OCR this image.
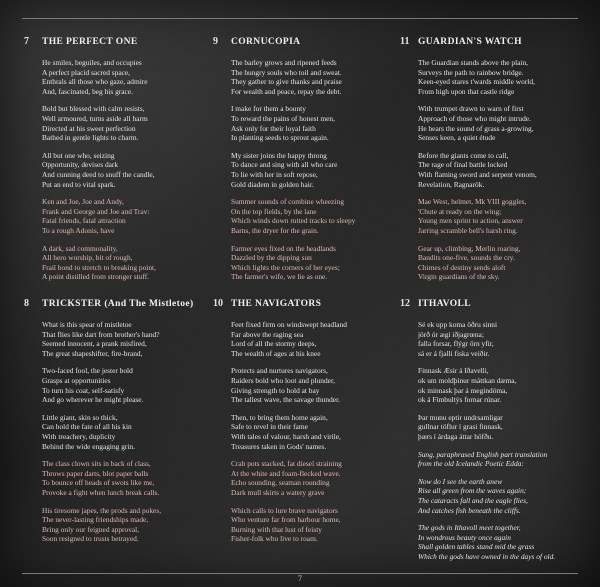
7	THE PERFECT ONE
He smiles, beguiles, and occupies
A perfect placid sacred space,
Enthrals all those who gaze, admire
And, fascinated, beg his grace.
Bold but blessed with calm resists,
Well armoured, turns aside all harm
Directed at his sweet perfection
Bathed in gentle lights to charm.
All but one who, seizing
Opportunity, devises dark
And cunning deed to snuff the candle,
Put an end to vital spark.
Ken and Joe, Joe and Andy,
Frank and George and Joe and Trav:
Fatal friends, fatal attraction
To a rough Adonis, have
A dark, sad commonality,
All hero worship, bit of rough,
Frail bond to stretch to breaking point,
A point distilled from stronger stuff.
9	CORNUCOPIA
The barley grows and ripened feeds
The hungry souls who toil and sweat.
They gather to give thanks and praise
For wealth and peace, repay the debt.
I make for them a bounty
To reward the pains of honest men,
Ask only for their loyal faith
In planting seeds to sprout again.
My sister joins the happy throng
To dance and sing with all who care
To lie with her in soft repose,
Gold diadem in golden hair.
Summer sounds of combine wheezing
On the top fields, by the lane
Which winds down rutted tracks to sleepy
Barns, the dryer for the grain.
Farmer eyes fixed on the headlands
Dazzled by the dipping sun
Which lights the corners of her eyes;
The farmer's wife, we lie as one.
11 GUARDIAN'S WATCH
The Guardian stands above the plain,
Surveys the path to rainbow bridge.
Keen-eyed stares t'wards middle world,
From high upon that castle ridge
With trumpet drawn to warn of first
Approach of those who might intrude.
He hears the sound of grass a-growing,
Senses keen, a quiet étude
Before the giants come to call,
The rage of final battle locked
With flaming sword and serpent venom,
Revelation, Ragnarök.
Mae West, helmet, Mk VIII goggles,
'Chute at ready on the wing;
Young men sprint to action, answer
Jarring scramble bell's harsh ring.
Gear up, climbing, Merlin roaring,
Bandits one-five, sounds the cry.
Chimes of destiny sends aloft
Virgin guardians of the sky.
8	TRICKSTER (And The Mistletoe)
What is this spear of mistletoe
That flies like dart from brother's hand?
Seemed innocent, a prank misfired,
The great shapeshifter, fire-brand,
Two-faced fool, the jester bold
Grasps at opportunities
To turn his coat, self-satisfy
And go wherever he might please.
Little giant, skin so thick,
Can hold the fate of all his kin
With treachery, duplicity
Behind the wide engaging grin.
The class clown sits in back of class,
Throws paper darts, blot paper balls
To bounce off heads of swots like me,
Provoke a fight when lunch break calls.
His tiresome japes, the prods and pokes,
The never-lasting friendships made,
Bring only our feigned approval,
Soon resigned to trusts betrayed.
10 THE NAVIGATORS
Feet fixed firm on windswept headland
Far above the raging sea
Lord of all the stormy deeps,
The wealth of ages at his knee
Protects and nurtures navigators,
Raiders bold who loot and plunder,
Giving strength to hold at bay
The tallest wave, the savage thunder.
Then, to bring them home again,
Safe to revel in their fame
With tales of valour, harsh and virile,
Treasures taken in Gods' names.
Crab pots stacked, fat diesel straining
At the white and foam-flecked wave.
Echo sounding, seaman rounding
Dark mull skirts a watery grave
Which calls to lure brave navigators
Who venture far from harbour home,
Burning with that lust of feisty
Fisher-folk who live to roam.
12 ITHAVOLL
Sé ek upp koma öðru sinni
jörð ór ægi iðjagrœna;
falla forsar, flýgr örn yfir,
sá er á fjalli fiska veiðir.
Finnask Æsir á Iðavelli,
ok um moldþinur máttkan dæma,
ok minnask þar á megindóma,
ok á Fimbultýs fornar rúnar.
Þar munu eptir undrsamligar
gullnar töflur í grasi finnask,
þærs í árdaga áttar höfðu.
Sung, paraphrased English part translation
from the old Icelandic Poetic Edda:
Now do I see the earth anew
Rise all green from the waves again;
The cataracts fall and the eagle flies,
And catches fish beneath the cliffs.
The gods in Ithavoll meet together,
In wondrous beauty once again
Shall golden tables stand mid the grass
Which the gods have owned in the days of old.
7
